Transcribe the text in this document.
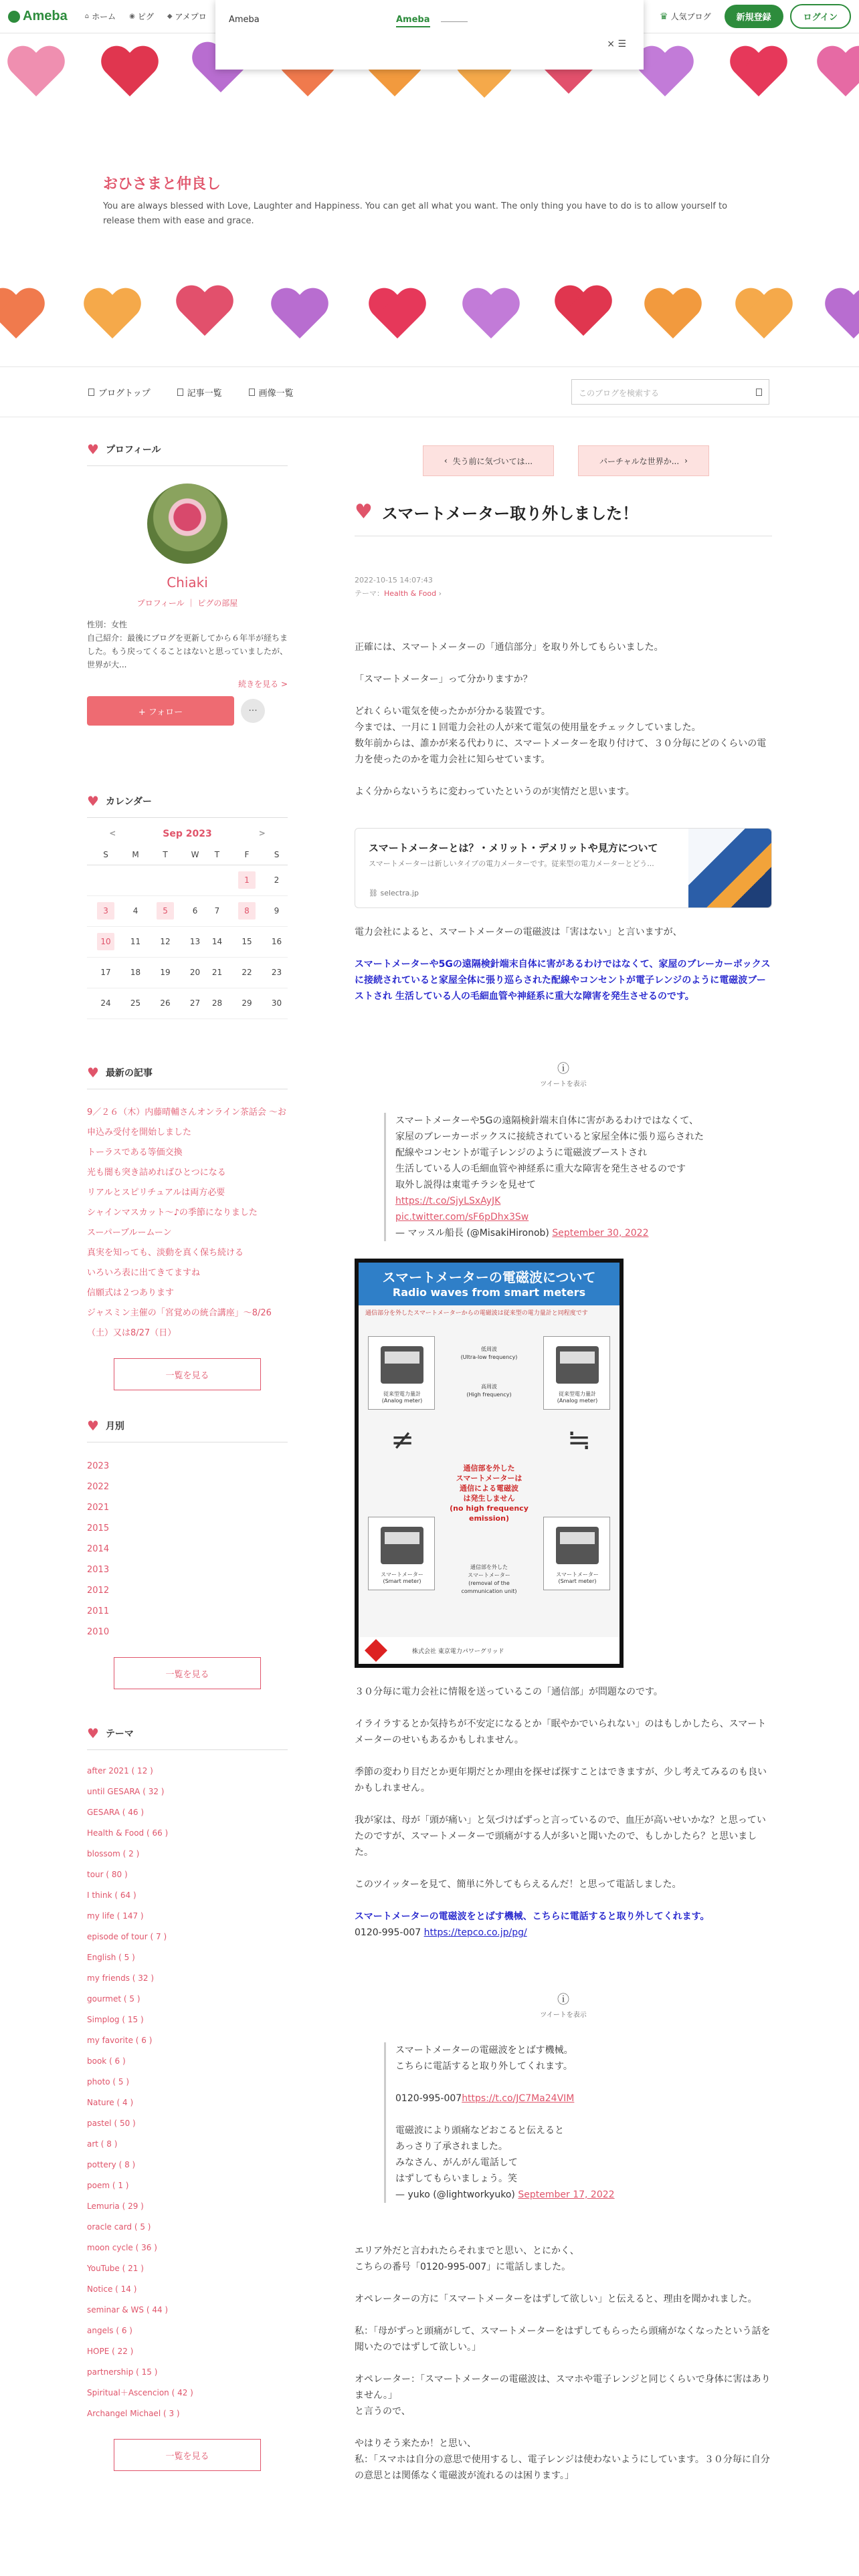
Ameba	⌂ ホーム ◉ ピグ ◆ アメプロ	♛ 人気ブログ	新規登録	ログイン
Ameba	Ameba
× ☰
おひさまと仲良し
You are always blessed with Love, Laughter and Happiness. You can get all what you want. The only thing you have to do is to allow yourself to release them with ease and grace.
ブログトップ	記事一覧	画像一覧	このブログを検索する
♥ プロフィール
Chiaki
プロフィール ｜ ピグの部屋
性別：女性
自己紹介：最後にブログを更新してから６年半が経ちました。もう戻ってくることはないと思っていましたが、世界が大...
続きを見る >
+ フォロー	···
♥ カレンダー
<	Sep 2023	>
S	M	T	W	T	F	S
					1	2
3	4	5	6	7	8	9
10	11	12	13	14	15	16
17	18	19	20	21	22	23
24	25	26	27	28	29	30
♥ 最新の記事
9／２６（木）内藤晴輔さんオンライン茶話会 ～お申込み受付を開始しました
トーラスである等価交換
光も闇も突き詰めればひとつになる
リアルとスピリチュアルは両方必要
シャインマスカット〜♪の季節になりました
スーパーブルームーン
真実を知っても、淡動を真く保ち続ける
いろいろ表に出てきてますね
信願式は２つあります
ジャスミン主催の「宮覚めの統合講座」～8/26（土）又は8/27（日）
一覧を見る
♥ 月別
2023
2022
2021
2015
2014
2013
2012
2011
2010
一覧を見る
♥ テーマ
after 2021 ( 12 )
until GESARA ( 32 )
GESARA ( 46 )
Health & Food ( 66 )
blossom ( 2 )
tour ( 80 )
I think ( 64 )
my life ( 147 )
episode of tour ( 7 )
English ( 5 )
my friends ( 32 )
gourmet ( 5 )
Simplog ( 15 )
my favorite ( 6 )
book ( 6 )
photo ( 5 )
Nature ( 4 )
pastel ( 50 )
art ( 8 )
pottery ( 8 )
poem ( 1 )
Lemuria ( 29 )
oracle card ( 5 )
moon cycle ( 36 )
YouTube ( 21 )
Notice ( 14 )
seminar & WS ( 44 )
angels ( 6 )
HOPE ( 22 )
partnership ( 15 )
Spiritual＋Ascencion ( 42 )
Archangel Michael ( 3 )
一覧を見る
‹ 失う前に気づいては...	パーチャルな世界か... ›
♥ スマートメーター取り外しました！
2022-10-15 14:07:43
テーマ：Health & Food ›

正確には、スマートメーターの「通信部分」を取り外してもらいました。

「スマートメーター」って分かりますか？

どれくらい電気を使ったかが分かる装置です。
今までは、一月に１回電力会社の人が来て電気の使用量をチェックしていました。
数年前からは、誰かが来る代わりに、スマートメーターを取り付けて、３０分毎にどのくらいの電力を使ったのかを電力会社に知らせています。

よく分からないうちに変わっていたというのが実情だと思います。

スマートメーターとは？・メリット・デメリットや見方について
スマートメーターは新しいタイプの電力メーターです。従来型の電力メーターとどう...
⛓ selectra.jp

電力会社によると、スマートメーターの電磁波は「害はない」と言いますが、

スマートメーターや5Gの遠隔検針端末自体に害があるわけではなくて、家屋のブレーカーボックスに接続されていると家屋全体に張り巡らされた配線やコンセントが電子レンジのように電磁波ブーストされ 生活している人の毛細血管や神経系に重大な障害を発生させるのです。

ⓘ
ツイートを表示
スマートメーターや5Gの遠隔検針端末自体に害があるわけではなくて、
家屋のブレーカーボックスに接続されていると家屋全体に張り巡らされた
配線やコンセントが電子レンジのように電磁波ブーストされ
生活している人の毛細血管や神経系に重大な障害を発生させるのです
取外し説得は東電チラシを見せて
https://t.co/SjyLSxAyJK
pic.twitter.com/sF6pDhx3Sw
— マッスル船長 (@MisakiHironob) September 30, 2022
スマートメーターの電磁波について
Radio waves from smart meters
通信部分を外したスマートメーターからの電磁波は従来型の電力量計と同程度です
従来型電力量計
(Analog meter)
従来型電力量計
(Analog meter)
低周波
(Ultra-low frequency)
高周波
(High frequency)
≠	≒
通信部を外した
スマートメーターは
通信による電磁波
は発生しません
(no high frequency emission)
スマートメーター
(Smart meter)
通信部を外した
スマートメーター
(removal of the communication unit)
スマートメーター
(Smart meter)
株式会社 東京電力パワーグリッド

３０分毎に電力会社に情報を送っているこの「通信部」が問題なのです。

イライラするとか気持ちが不安定になるとか「眠やかでいられない」のはもしかしたら、スマートメーターのせいもあるかもしれません。

季節の変わり目だとか更年期だとか理由を探せば探すことはできますが、少し考えてみるのも良いかもしれません。

我が家は、母が「頭が痛い」と気づけばずっと言っているので、血圧が高いせいかな？と思っていたのですが、スマートメーターで頭痛がする人が多いと聞いたので、もしかしたら？と思いました。

このツイッターを見て、簡単に外してもらえるんだ！と思って電話しました。

スマートメーターの電磁波をとばす機械、こちらに電話すると取り外してくれます。

0120-995-007 https://tepco.co.jp/pg/

ⓘ
ツイートを表示
スマートメーターの電磁波をとばす機械。
こちらに電話すると取り外してくれます。
0120-995-007https://t.co/JC7Ma24VIM
電磁波により頭痛などおこると伝えると
あっさり了承されました。
みなさん、がんがん電話して
はずしてもらいましょう。笑
— yuko (@lightworkyuko) September 17, 2022

エリア外だと言われたらそれまでと思い、とにかく、
こちらの番号「0120-995-007」に電話しました。

オペレーターの方に「スマートメーターをはずして欲しい」と伝えると、理由を聞かれました。

私：「母がずっと頭痛がして、スマートメーターをはずしてもらったら頭痛がなくなったという話を聞いたのではずして欲しい。」

オペレーター：「スマートメーターの電磁波は、スマホや電子レンジと同じくらいで身体に害はありません。」
と言うので、

やはりそう来たか！と思い、
私：「スマホは自分の意思で使用するし、電子レンジは使わないようにしています。３０分毎に自分の意思とは関係なく電磁波が流れるのは困ります。」
